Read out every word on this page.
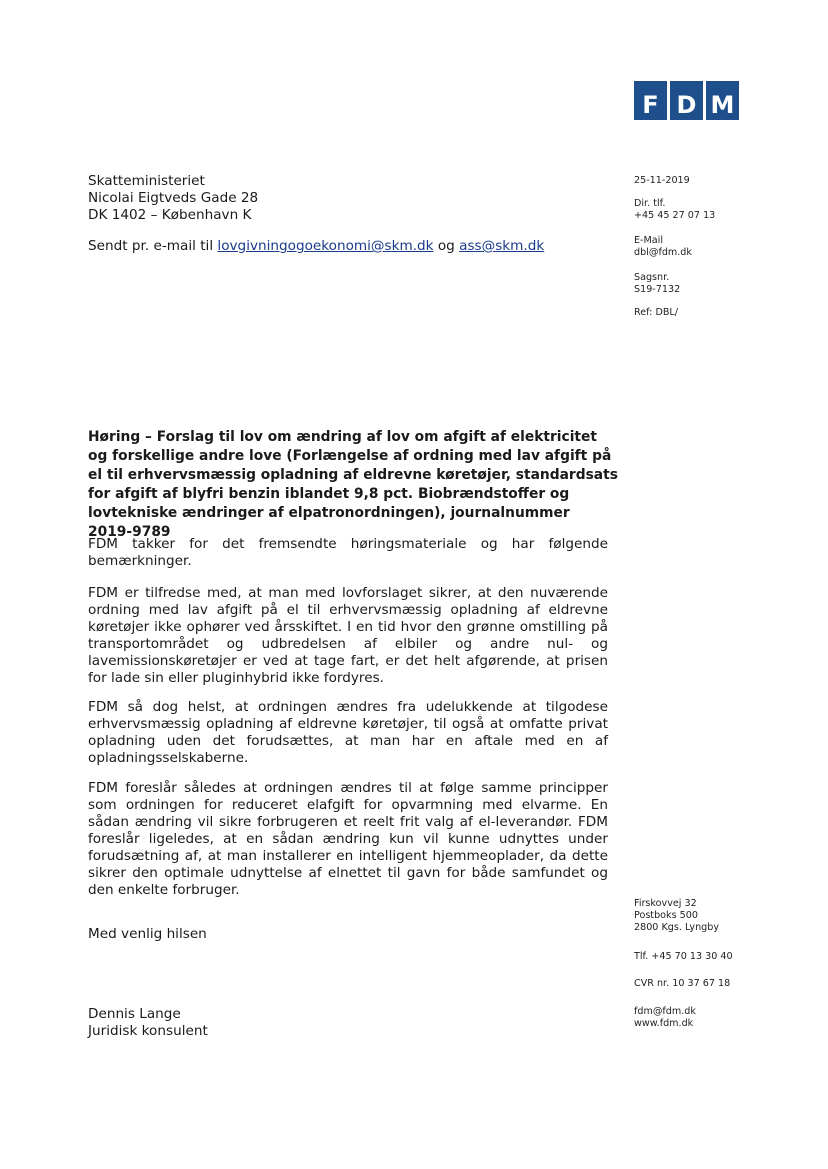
F D M
Skatteministeriet
Nicolai Eigtveds Gade 28
DK 1402 – København K
Sendt pr. e-mail til lovgivningogoekonomi@skm.dk og ass@skm.dk
25-11-2019
Dir. tlf.
+45 45 27 07 13
E-Mail
dbl@fdm.dk
Sagsnr.
S19-7132
Ref: DBL/
Høring – Forslag til lov om ændring af lov om afgift af elektricitet og forskellige andre love (Forlængelse af ordning med lav afgift på el til erhvervsmæssig opladning af eldrevne køretøjer, standardsats for afgift af blyfri benzin iblandet 9,8 pct. Biobrændstoffer og lovtekniske ændringer af elpatronordningen), journalnummer 2019-9789
FDM takker for det fremsendte høringsmateriale og har følgende bemærkninger.
FDM er tilfredse med, at man med lovforslaget sikrer, at den nuværende ordning med lav afgift på el til erhvervsmæssig opladning af eldrevne køretøjer ikke ophører ved årsskiftet. I en tid hvor den grønne omstilling på transportområdet og udbredelsen af elbiler og andre nul- og lavemissionskøretøjer er ved at tage fart, er det helt afgørende, at prisen for lade sin eller pluginhybrid ikke fordyres.
FDM så dog helst, at ordningen ændres fra udelukkende at tilgodese erhvervsmæssig opladning af eldrevne køretøjer, til også at omfatte privat opladning uden det forudsættes, at man har en aftale med en af opladningsselskaberne.
FDM foreslår således at ordningen ændres til at følge samme principper som ordningen for reduceret elafgift for opvarmning med elvarme. En sådan ændring vil sikre forbrugeren et reelt frit valg af el-leverandør. FDM foreslår ligeledes, at en sådan ændring kun vil kunne udnyttes under forudsætning af, at man installerer en intelligent hjemmeoplader, da dette sikrer den optimale udnyttelse af elnettet til gavn for både samfundet og den enkelte forbruger.
Med venlig hilsen
Dennis Lange
Juridisk konsulent
Firskovvej 32
Postboks 500
2800 Kgs. Lyngby
Tlf. +45 70 13 30 40
CVR nr. 10 37 67 18
fdm@fdm.dk
www.fdm.dk
